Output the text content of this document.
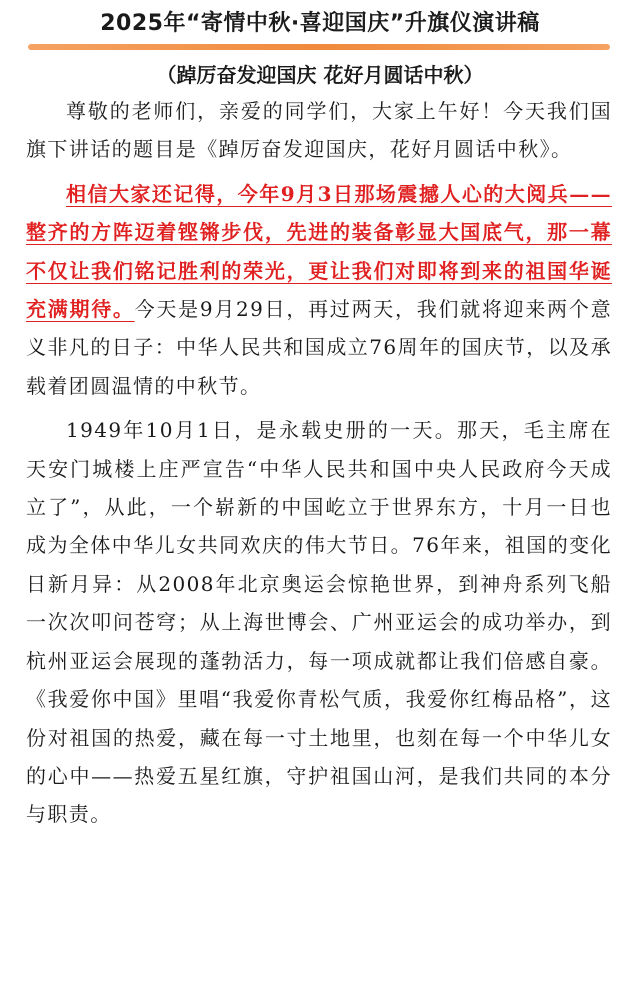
2025年“寄情中秋·喜迎国庆”升旗仪演讲稿
（踔厉奋发迎国庆 花好月圆话中秋）

尊敬的老师们，亲爱的同学们，大家上午好！今天我们国旗下讲话的题目是《踔厉奋发迎国庆，花好月圆话中秋》。

相信大家还记得，今年9月3日那场震撼人心的大阅兵——整齐的方阵迈着铿锵步伐，先进的装备彰显大国底气，那一幕不仅让我们铭记胜利的荣光，更让我们对即将到来的祖国华诞充满期待。今天是9月29日，再过两天，我们就将迎来两个意义非凡的日子：中华人民共和国成立76周年的国庆节，以及承载着团圆温情的中秋节。

1949年10月1日，是永载史册的一天。那天，毛主席在天安门城楼上庄严宣告“中华人民共和国中央人民政府今天成立了”，从此，一个崭新的中国屹立于世界东方，十月一日也成为全体中华儿女共同欢庆的伟大节日。76年来，祖国的变化日新月异：从2008年北京奥运会惊艳世界，到神舟系列飞船一次次叩问苍穹；从上海世博会、广州亚运会的成功举办，到杭州亚运会展现的蓬勃活力，每一项成就都让我们倍感自豪。《我爱你中国》里唱“我爱你青松气质，我爱你红梅品格”，这份对祖国的热爱，藏在每一寸土地里，也刻在每一个中华儿女的心中——热爱五星红旗，守护祖国山河，是我们共同的本分与职责。
